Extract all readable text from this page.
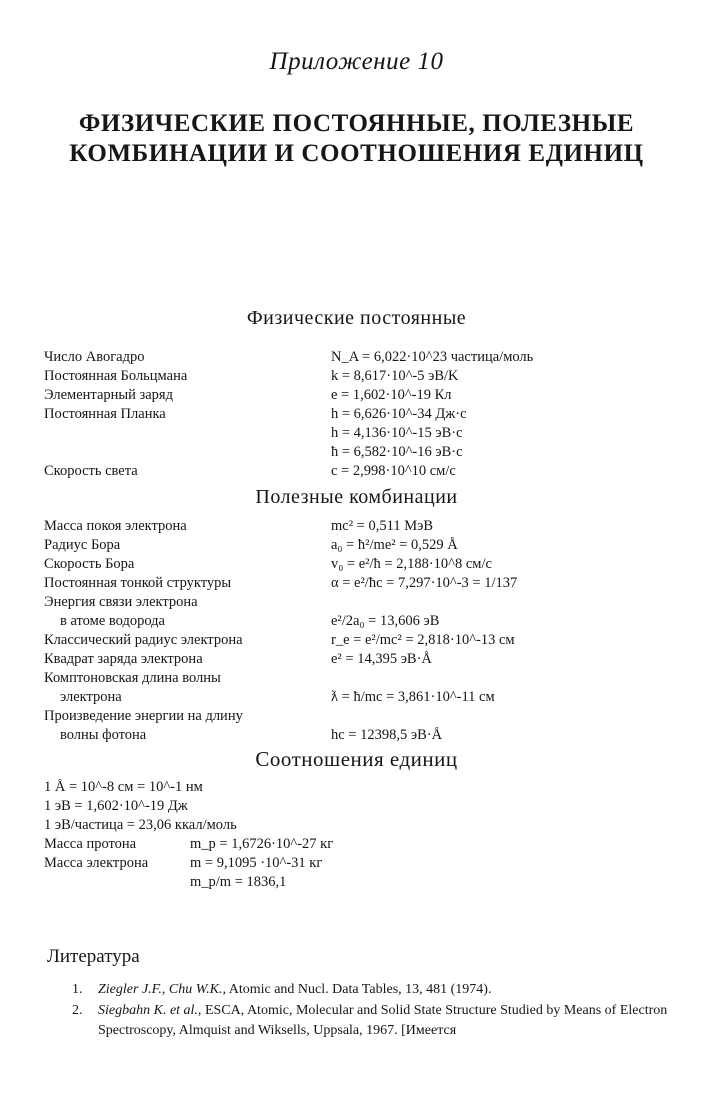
Приложение 10
ФИЗИЧЕСКИЕ ПОСТОЯННЫЕ, ПОЛЕЗНЫЕ
КОМБИНАЦИИ И СООТНОШЕНИЯ ЕДИНИЦ
Физические постоянные
Число Авогадро	N_A = 6,022·10^23 частица/моль
Постоянная Больцмана	k = 8,617·10^-5 эВ/K
Элементарный заряд	e = 1,602·10^-19 Кл
Постоянная Планка	h = 6,626·10^-34 Дж·с
h = 4,136·10^-15 эВ·с
ħ = 6,582·10^-16 эВ·с
Скорость света	c = 2,998·10^10 см/с
Полезные комбинации
Масса покоя электрона	mc² = 0,511 МэВ
Радиус Бора	a₀ = ħ²/me² = 0,529 Å
Скорость Бора	v₀ = e²/ħ = 2,188·10^8 см/с
Постоянная тонкой структуры	α = e²/ħc = 7,297·10^-3 = 1/137
Энергия связи электрона
в атоме водорода	e²/2a₀ = 13,606 эВ
Классический радиус электрона	r_e = e²/mc² = 2,818·10^-13 см
Квадрат заряда электрона	e² = 14,395 эВ·Å
Комптоновская длина волны
электрона	ƛ = ħ/mc = 3,861·10^-11 см
Произведение энергии на длину
волны фотона	hc = 12398,5 эВ·Å
Соотношения единиц
1 Å = 10^-8 см = 10^-1 нм
1 эВ = 1,602·10^-19 Дж
1 эВ/частица = 23,06 ккал/моль
Масса протона	m_p = 1,6726·10^-27 кг
Масса электрона	m = 9,1095 ·10^-31 кг
m_p/m = 1836,1
Литература
1. Ziegler J.F., Chu W.K., Atomic and Nucl. Data Tables, 13, 481 (1974).
2. Siegbahn K. et al., ESCA, Atomic, Molecular and Solid State Structure Studied by Means of Electron Spectroscopy, Almquist and Wiksells, Uppsala, 1967. [Имеется
